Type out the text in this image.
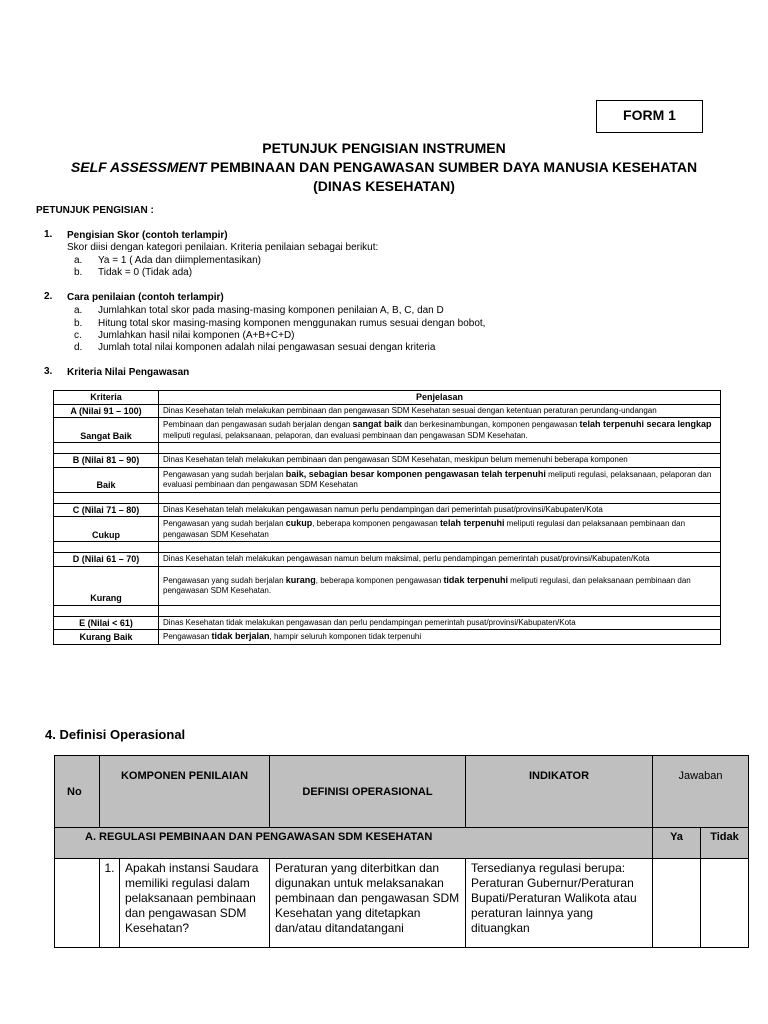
FORM 1
PETUNJUK PENGISIAN INSTRUMEN
SELF ASSESSMENT PEMBINAAN DAN PENGAWASAN SUMBER DAYA MANUSIA KESEHATAN
(DINAS KESEHATAN)
PETUNJUK PENGISIAN :
1. Pengisian Skor (contoh terlampir)
Skor diisi dengan kategori penilaian. Kriteria penilaian sebagai berikut:
a. Ya = 1 ( Ada dan diimplementasikan)
b. Tidak = 0 (Tidak ada)
2. Cara penilaian (contoh terlampir)
a. Jumlahkan total skor pada masing-masing komponen penilaian A, B, C, dan D
b. Hitung total skor masing-masing komponen menggunakan rumus sesuai dengan bobot,
c. Jumlahkan hasil nilai komponen (A+B+C+D)
d. Jumlah total nilai komponen adalah nilai pengawasan sesuai dengan kriteria
3. Kriteria Nilai Pengawasan
Kriteria	Penjelasan
A (Nilai 91 – 100)	Dinas Kesehatan telah melakukan pembinaan dan pengawasan SDM Kesehatan sesuai dengan ketentuan peraturan perundang-undangan
Sangat Baik	Pembinaan dan pengawasan sudah berjalan dengan sangat baik dan berkesinambungan, komponen pengawasan telah terpenuhi secara lengkap meliputi regulasi, pelaksanaan, pelaporan, dan evaluasi pembinaan dan pengawasan SDM Kesehatan.

B (Nilai 81 – 90)	Dinas Kesehatan telah melakukan pembinaan dan pengawasan SDM Kesehatan, meskipun belum memenuhi beberapa komponen
Baik	Pengawasan yang sudah berjalan baik, sebagian besar komponen pengawasan telah terpenuhi meliputi regulasi, pelaksanaan, pelaporan dan evaluasi pembinaan dan pengawasan SDM Kesehatan

C (Nilai 71 – 80)	Dinas Kesehatan telah melakukan pengawasan namun perlu pendampingan dari pemerintah pusat/provinsi/Kabupaten/Kota
Cukup	Pengawasan yang sudah berjalan cukup, beberapa komponen pengawasan telah terpenuhi meliputi regulasi dan pelaksanaan pembinaan dan pengawasan SDM Kesehatan

D (Nilai 61 – 70)	Dinas Kesehatan telah melakukan pengawasan namun belum maksimal, perlu pendampingan pemerintah pusat/provinsi/Kabupaten/Kota
Kurang	Pengawasan yang sudah berjalan kurang, beberapa komponen pengawasan tidak terpenuhi meliputi regulasi, dan pelaksanaan pembinaan dan pengawasan SDM Kesehatan.

E (Nilai < 61)	Dinas Kesehatan tidak melakukan pengawasan dan perlu pendampingan pemerintah pusat/provinsi/Kabupaten/Kota
Kurang Baik	Pengawasan tidak berjalan, hampir seluruh komponen tidak terpenuhi
4. Definisi Operasional
No	KOMPONEN PENILAIAN		DEFINISI OPERASIONAL	INDIKATOR	Jawaban	
A. REGULASI PEMBINAAN DAN PENGAWASAN SDM KESEHATAN					Ya	Tidak
	1.	Apakah instansi Saudara memiliki regulasi dalam pelaksanaan pembinaan dan pengawasan SDM Kesehatan?	Peraturan yang diterbitkan dan digunakan untuk melaksanakan pembinaan dan pengawasan SDM Kesehatan yang ditetapkan dan/atau ditandatangani	Tersedianya regulasi berupa: Peraturan Gubernur/Peraturan Bupati/Peraturan Walikota atau peraturan lainnya yang dituangkan		
